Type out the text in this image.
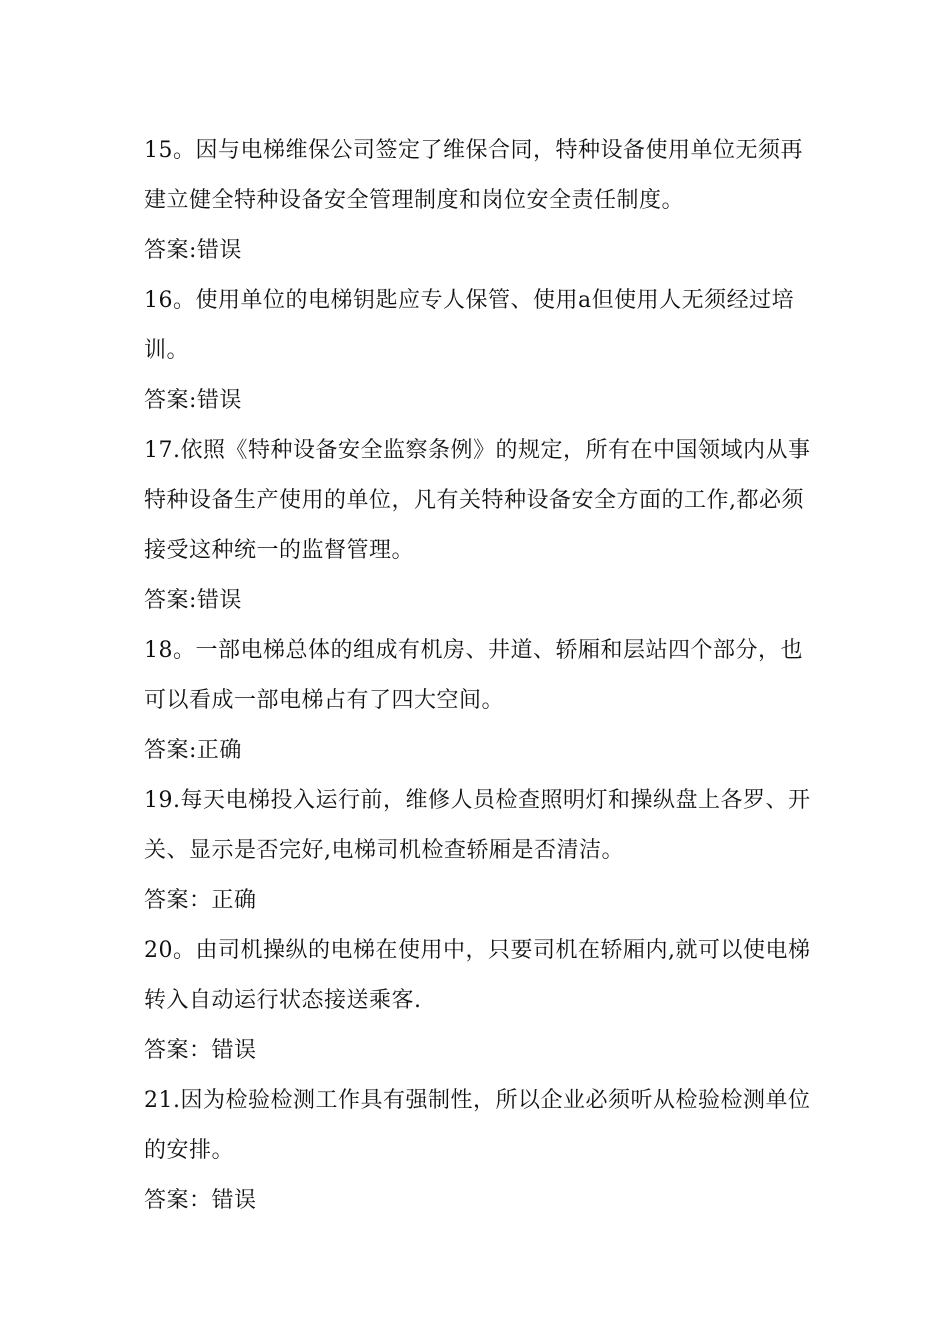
15。因与电梯维保公司签定了维保合同，特种设备使用单位无须再
建立健全特种设备安全管理制度和岗位安全责任制度。
答案:错误
16。使用单位的电梯钥匙应专人保管、使用a但使用人无须经过培
训。
答案:错误
17.依照《特种设备安全监察条例》的规定，所有在中国领域内从事
特种设备生产使用的单位，凡有关特种设备安全方面的工作,都必须
接受这种统一的监督管理。
答案:错误
18。一部电梯总体的组成有机房、井道、轿厢和层站四个部分，也
可以看成一部电梯占有了四大空间。
答案:正确
19.每天电梯投入运行前，维修人员检查照明灯和操纵盘上各罗、开
关、显示是否完好,电梯司机检查轿厢是否清洁。
答案：正确
20。由司机操纵的电梯在使用中，只要司机在轿厢内,就可以使电梯
转入自动运行状态接送乘客.
答案：错误
21.因为检验检测工作具有强制性，所以企业必须听从检验检测单位
的安排。
答案：错误
